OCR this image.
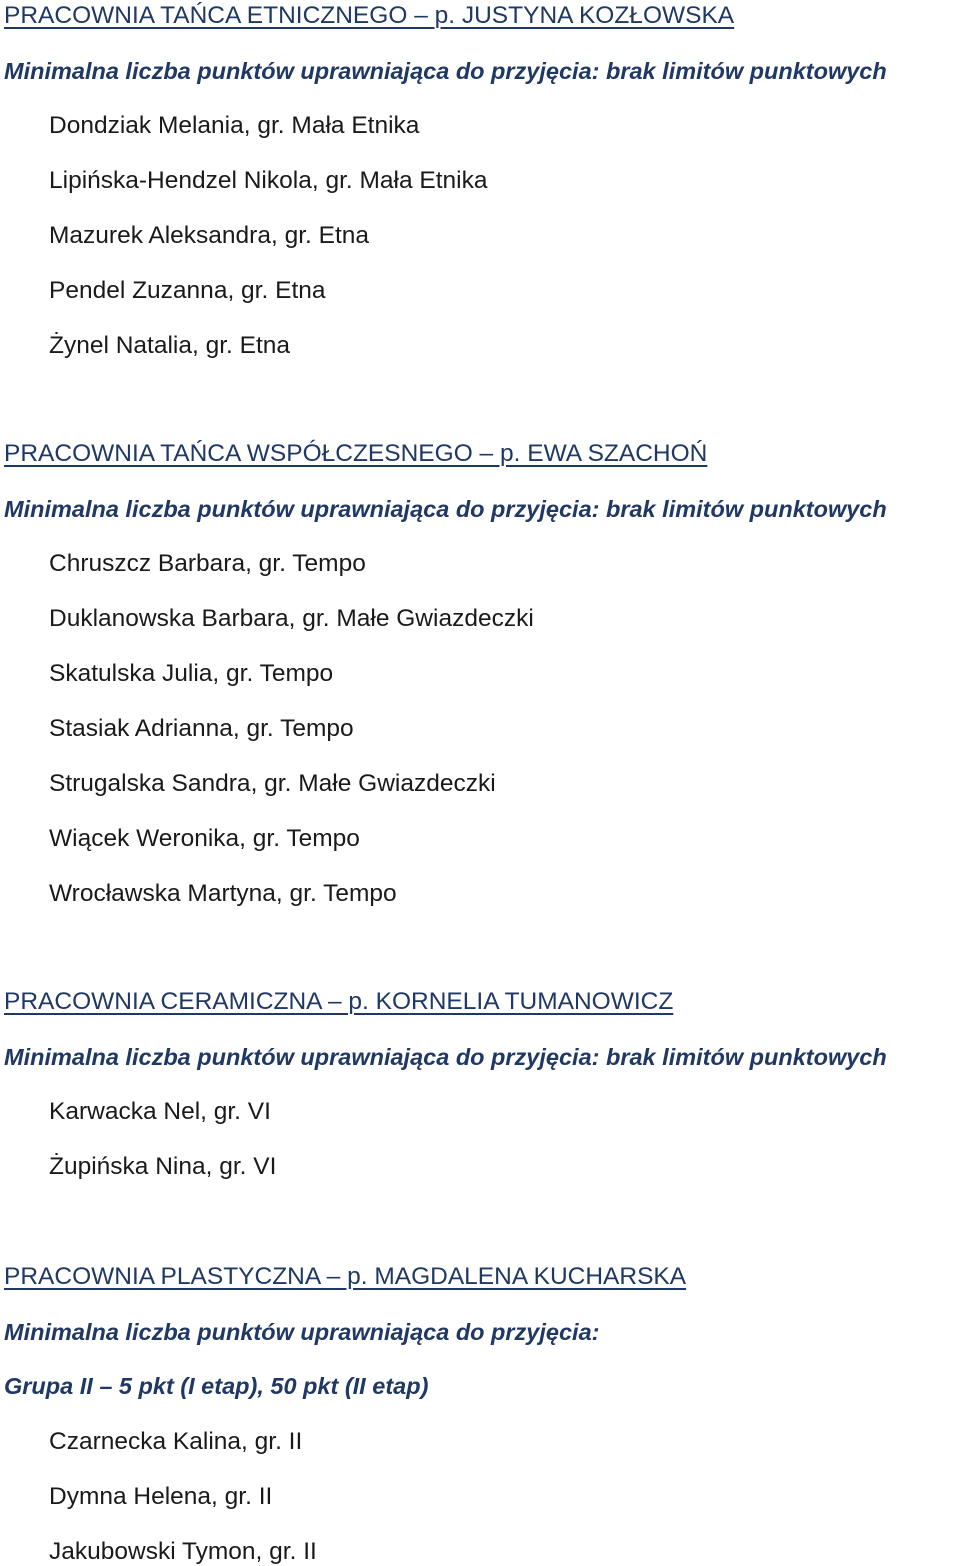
PRACOWNIA TAŃCA ETNICZNEGO – p. JUSTYNA KOZŁOWSKA
Minimalna liczba punktów uprawniająca do przyjęcia: brak limitów punktowych
Dondziak Melania, gr. Mała Etnika
Lipińska-Hendzel Nikola, gr. Mała Etnika
Mazurek Aleksandra, gr. Etna
Pendel Zuzanna, gr. Etna
Żynel Natalia, gr. Etna
PRACOWNIA TAŃCA WSPÓŁCZESNEGO – p. EWA SZACHOŃ
Minimalna liczba punktów uprawniająca do przyjęcia: brak limitów punktowych
Chruszcz Barbara, gr. Tempo
Duklanowska Barbara, gr. Małe Gwiazdeczki
Skatulska Julia, gr. Tempo
Stasiak Adrianna, gr. Tempo
Strugalska Sandra, gr. Małe Gwiazdeczki
Wiącek Weronika, gr. Tempo
Wrocławska Martyna, gr. Tempo
PRACOWNIA CERAMICZNA – p. KORNELIA TUMANOWICZ
Minimalna liczba punktów uprawniająca do przyjęcia: brak limitów punktowych
Karwacka Nel, gr. VI
Żupińska Nina, gr. VI
PRACOWNIA PLASTYCZNA – p. MAGDALENA KUCHARSKA
Minimalna liczba punktów uprawniająca do przyjęcia:
Grupa II – 5 pkt (I etap), 50 pkt (II etap)
Czarnecka Kalina, gr. II
Dymna Helena, gr. II
Jakubowski Tymon, gr. II
